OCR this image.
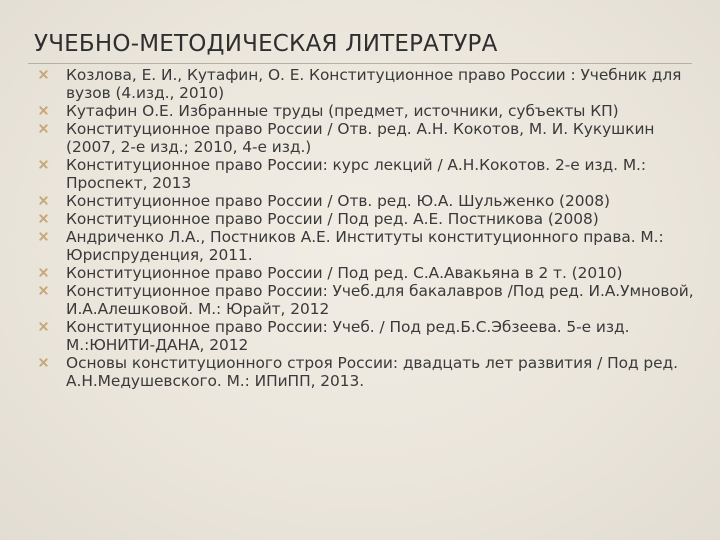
УЧЕБНО-МЕТОДИЧЕСКАЯ ЛИТЕРАТУРА
Козлова, Е. И., Кутафин, О. Е. Конституционное право России : Учебник для вузов (4.изд., 2010)
Кутафин О.Е. Избранные труды (предмет, источники, субъекты КП)
Конституционное право России / Отв. ред. А.Н. Кокотов, М. И. Кукушкин (2007, 2-е изд.; 2010, 4-е изд.)
Конституционное право России: курс лекций / А.Н.Кокотов. 2-е изд. М.: Проспект, 2013
Конституционное право России / Отв. ред. Ю.А. Шульженко (2008)
Конституционное право России / Под ред. А.Е. Постникова (2008)
Андриченко Л.А., Постников А.Е. Институты конституционного права. М.: Юриспруденция, 2011.
Конституционное право России / Под ред. С.А.Авакьяна в 2 т. (2010)
Конституционное право России: Учеб.для бакалавров /Под ред. И.А.Умновой, И.А.Алешковой. М.: Юрайт, 2012
Конституционное право России: Учеб. / Под ред.Б.С.Эбзеева. 5-е изд. М.:ЮНИТИ-ДАНА, 2012
Основы конституционного строя России: двадцать лет развития / Под ред. А.Н.Медушевского. М.: ИПиПП, 2013.
